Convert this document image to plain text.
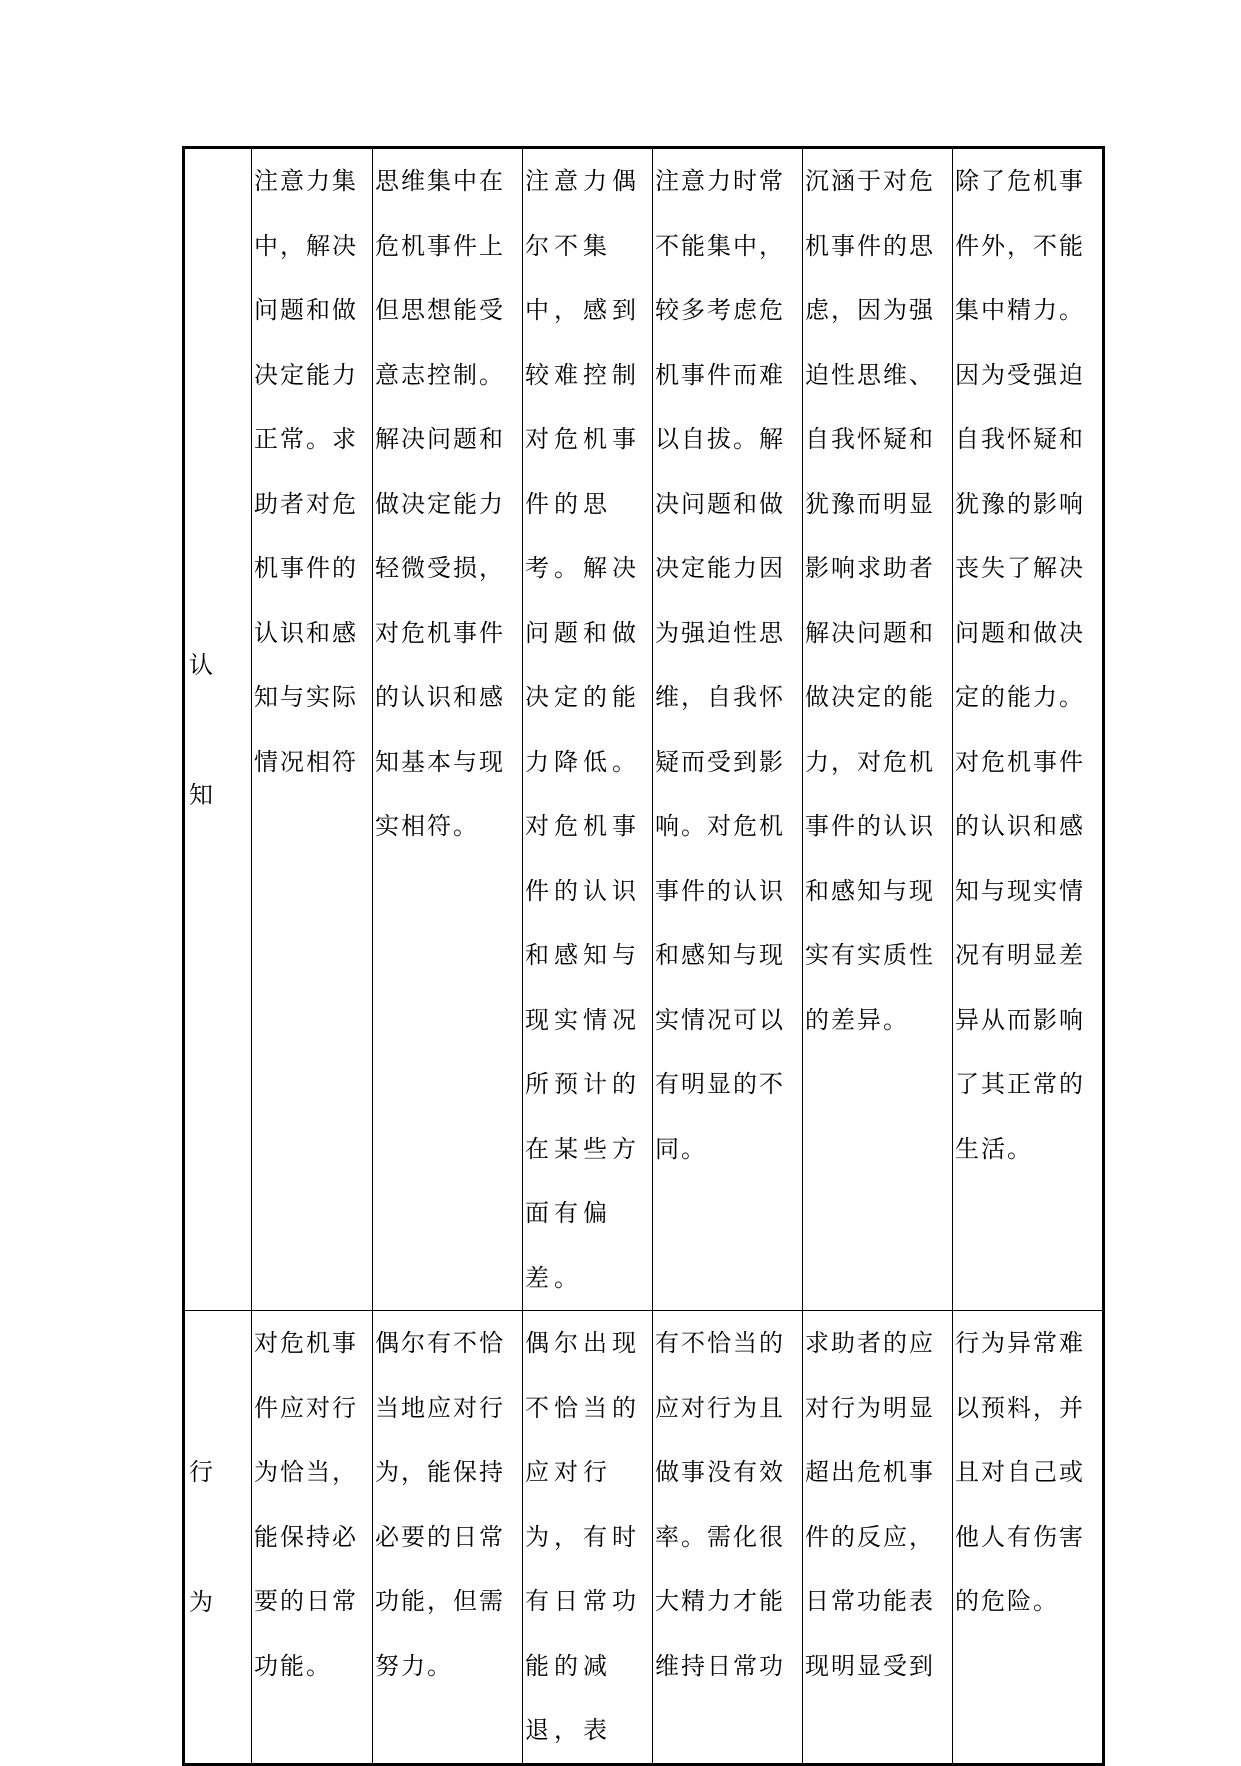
认知	注意力集中，解决问题和做决定能力正常。求助者对危机事件的认识和感知与实际情况相符	思维集中在危机事件上但思想能受意志控制。解决问题和做决定能力轻微受损，对危机事件的认识和感知基本与现实相符。	注意力偶尔不集中，感到较难控制对危机事件的思考。解决问题和做决定的能力降低。对危机事件的认识和感知与现实情况所预计的在某些方面有偏差。	注意力时常不能集中，较多考虑危机事件而难以自拔。解决问题和做决定能力因为强迫性思维，自我怀疑而受到影响。对危机事件的认识和感知与现实情况可以有明显的不同。	沉涵于对危机事件的思虑，因为强迫性思维、自我怀疑和犹豫而明显影响求助者解决问题和做决定的能力，对危机事件的认识和感知与现实有实质性的差异。	除了危机事件外，不能集中精力。因为受强迫自我怀疑和犹豫的影响丧失了解决问题和做决定的能力。对危机事件的认识和感知与现实情况有明显差异从而影响了其正常的生活。

行为	对危机事件应对行为恰当，能保持必要的日常功能。	偶尔有不恰当地应对行为，能保持必要的日常功能，但需努力。	偶尔出现不恰当的应对行为，有时有日常功能的减退，表	有不恰当的应对行为且做事没有效率。需化很大精力才能维持日常功	求助者的应对行为明显超出危机事件的反应，日常功能表现明显受到	行为异常难以预料，并且对自己或他人有伤害的危险。
